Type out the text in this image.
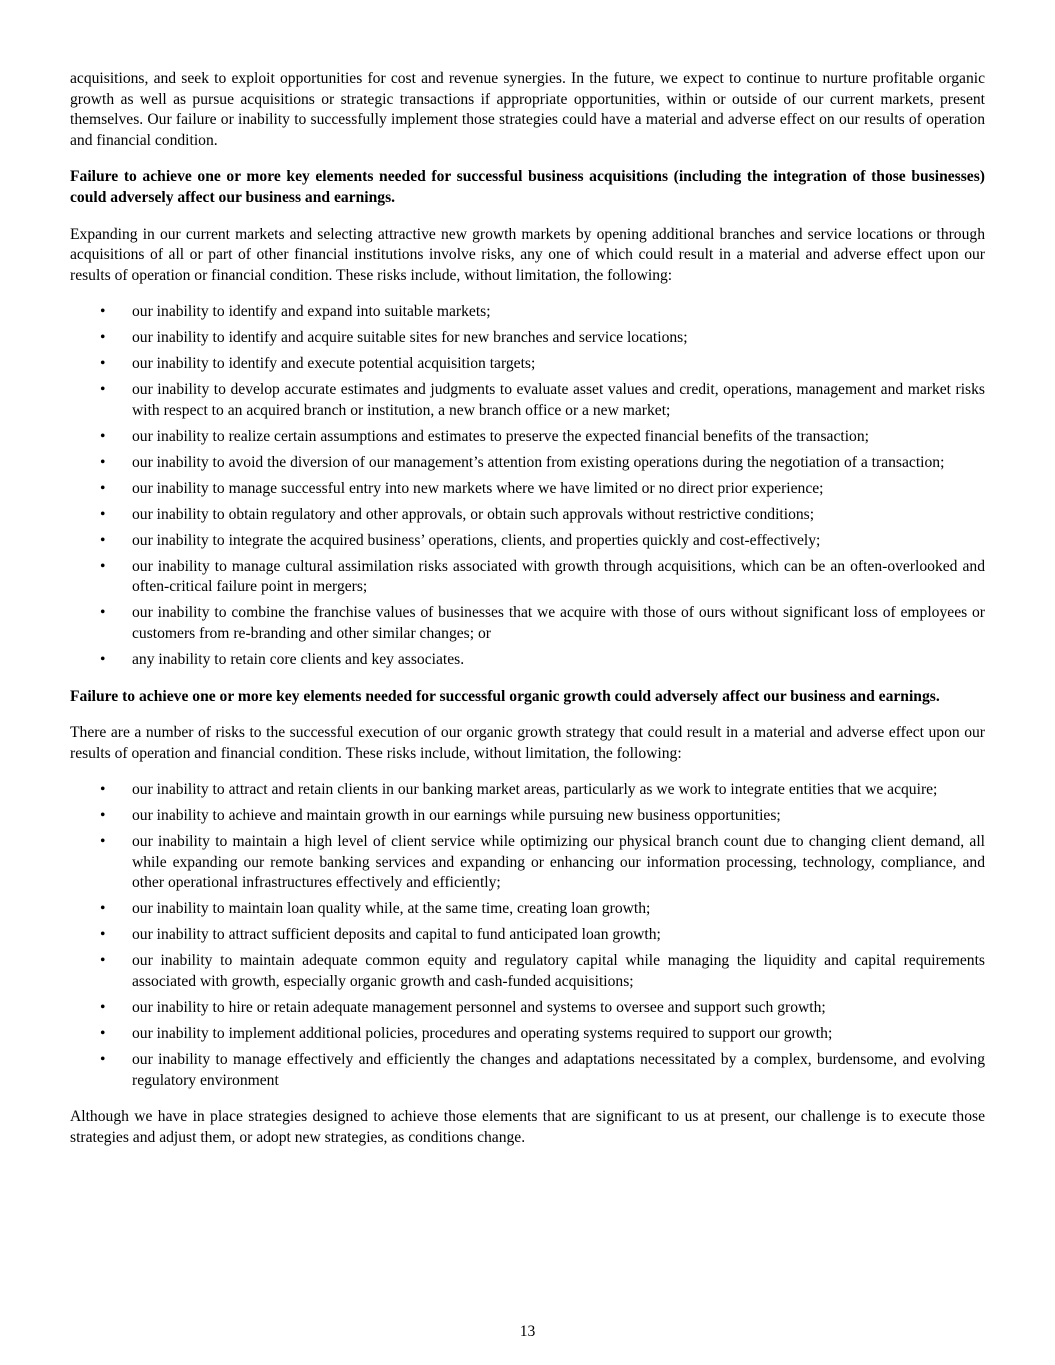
acquisitions, and seek to exploit opportunities for cost and revenue synergies. In the future, we expect to continue to nurture profitable organic growth as well as pursue acquisitions or strategic transactions if appropriate opportunities, within or outside of our current markets, present themselves. Our failure or inability to successfully implement those strategies could have a material and adverse effect on our results of operation and financial condition.

Failure to achieve one or more key elements needed for successful business acquisitions (including the integration of those businesses) could adversely affect our business and earnings.

Expanding in our current markets and selecting attractive new growth markets by opening additional branches and service locations or through acquisitions of all or part of other financial institutions involve risks, any one of which could result in a material and adverse effect upon our results of operation or financial condition. These risks include, without limitation, the following:

• our inability to identify and expand into suitable markets;
• our inability to identify and acquire suitable sites for new branches and service locations;
• our inability to identify and execute potential acquisition targets;
• our inability to develop accurate estimates and judgments to evaluate asset values and credit, operations, management and market risks with respect to an acquired branch or institution, a new branch office or a new market;
• our inability to realize certain assumptions and estimates to preserve the expected financial benefits of the transaction;
• our inability to avoid the diversion of our management’s attention from existing operations during the negotiation of a transaction;
• our inability to manage successful entry into new markets where we have limited or no direct prior experience;
• our inability to obtain regulatory and other approvals, or obtain such approvals without restrictive conditions;
• our inability to integrate the acquired business’ operations, clients, and properties quickly and cost-effectively;
• our inability to manage cultural assimilation risks associated with growth through acquisitions, which can be an often-overlooked and often-critical failure point in mergers;
• our inability to combine the franchise values of businesses that we acquire with those of ours without significant loss of employees or customers from re-branding and other similar changes; or
• any inability to retain core clients and key associates.

Failure to achieve one or more key elements needed for successful organic growth could adversely affect our business and earnings.

There are a number of risks to the successful execution of our organic growth strategy that could result in a material and adverse effect upon our results of operation and financial condition. These risks include, without limitation, the following:

• our inability to attract and retain clients in our banking market areas, particularly as we work to integrate entities that we acquire;
• our inability to achieve and maintain growth in our earnings while pursuing new business opportunities;
• our inability to maintain a high level of client service while optimizing our physical branch count due to changing client demand, all while expanding our remote banking services and expanding or enhancing our information processing, technology, compliance, and other operational infrastructures effectively and efficiently;
• our inability to maintain loan quality while, at the same time, creating loan growth;
• our inability to attract sufficient deposits and capital to fund anticipated loan growth;
• our inability to maintain adequate common equity and regulatory capital while managing the liquidity and capital requirements associated with growth, especially organic growth and cash-funded acquisitions;
• our inability to hire or retain adequate management personnel and systems to oversee and support such growth;
• our inability to implement additional policies, procedures and operating systems required to support our growth;
• our inability to manage effectively and efficiently the changes and adaptations necessitated by a complex, burdensome, and evolving regulatory environment

Although we have in place strategies designed to achieve those elements that are significant to us at present, our challenge is to execute those strategies and adjust them, or adopt new strategies, as conditions change.

13
